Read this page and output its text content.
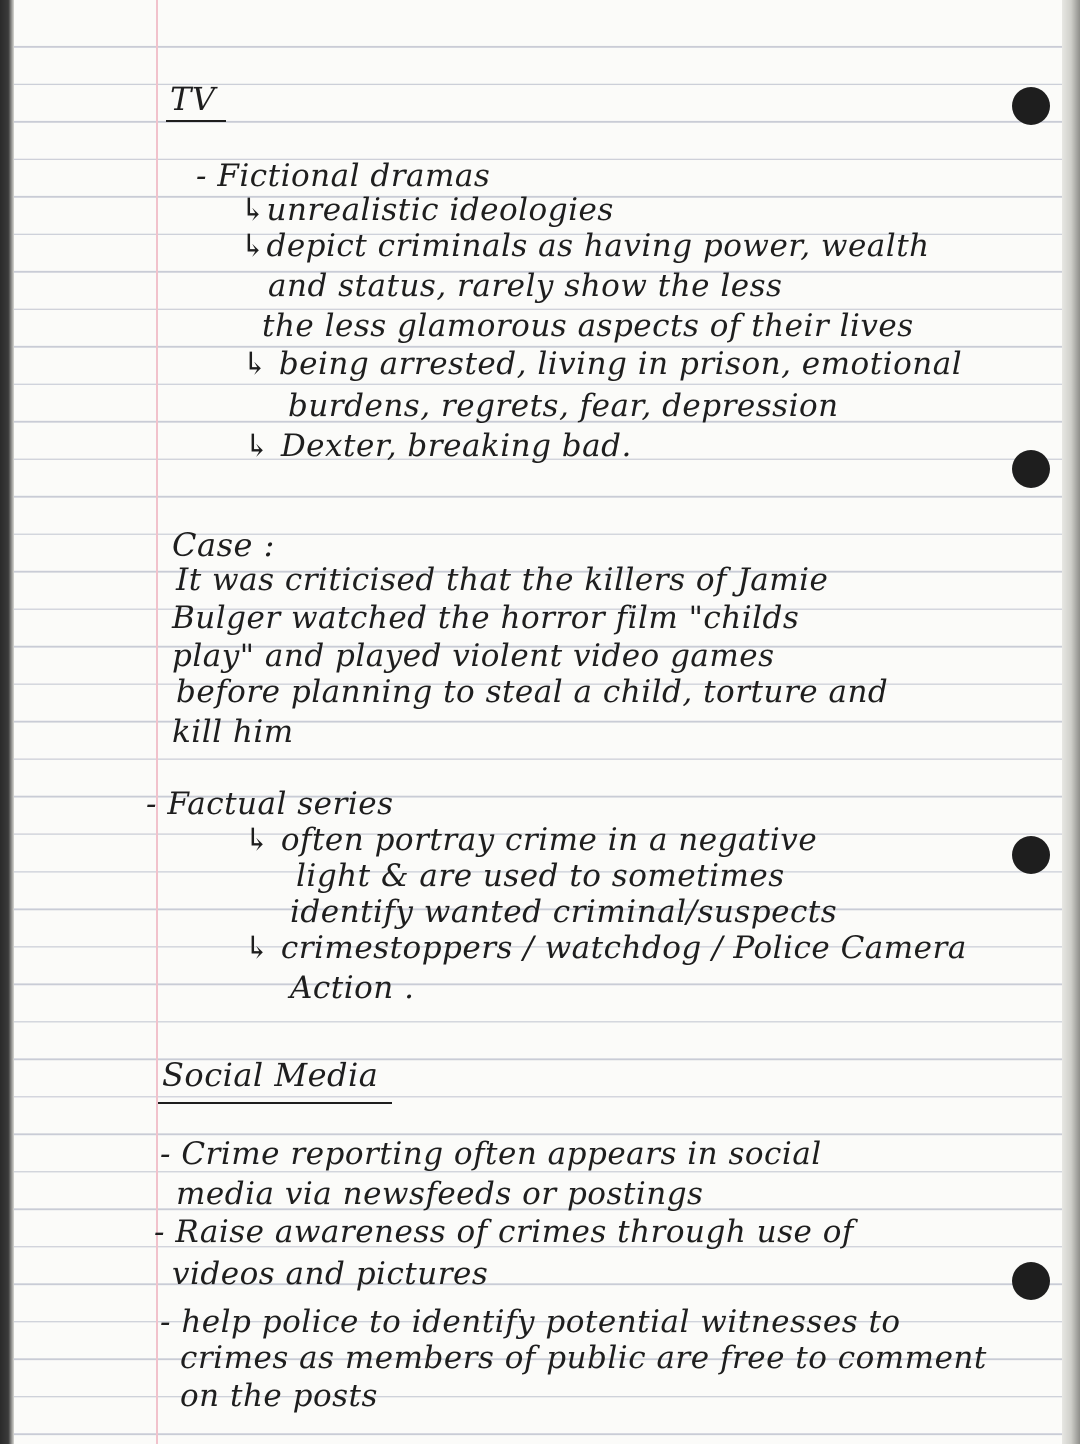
TV
- Fictional dramas
↳unrealistic ideologies
↳depict criminals as having power, wealth
and status, rarely show the less
the less glamorous aspects of their lives
↳ being arrested, living in prison, emotional
burdens, regrets, fear, depression
↳ Dexter, breaking bad.
Case :
It was criticised that the killers of Jamie
Bulger watched the horror film "childs
play" and played violent video games
before planning to steal a child, torture and
kill him
- Factual series
↳ often portray crime in a negative
light & are used to sometimes
identify wanted criminal/suspects
↳ crimestoppers / watchdog / Police Camera
Action .
Social Media
- Crime reporting often appears in social
media via newsfeeds or postings
- Raise awareness of crimes through use of
videos and pictures
- help police to identify potential witnesses to
crimes as members of public are free to comment
on the posts
